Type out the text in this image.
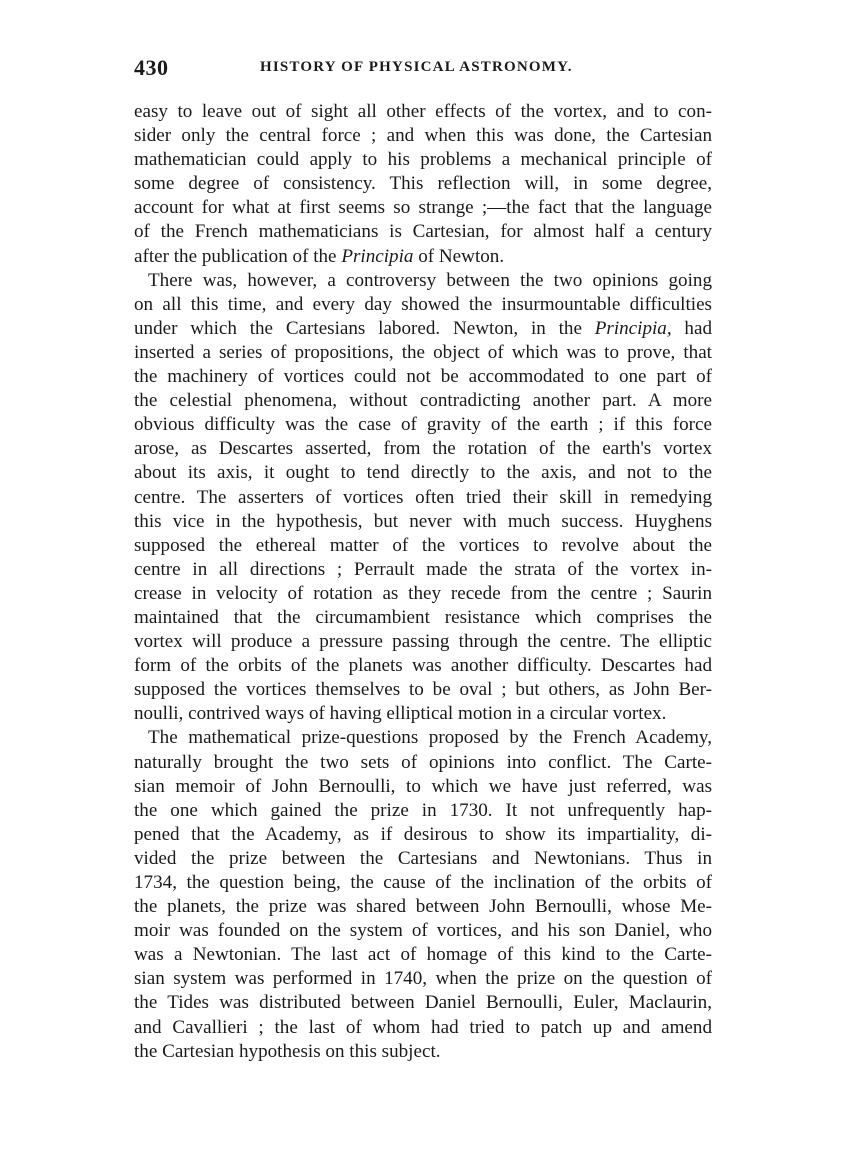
430	HISTORY OF PHYSICAL ASTRONOMY.
easy to leave out of sight all other effects of the vortex, and to con-
sider only the central force ; and when this was done, the Cartesian
mathematician could apply to his problems a mechanical principle of
some degree of consistency. This reflection will, in some degree,
account for what at first seems so strange ;—the fact that the language
of the French mathematicians is Cartesian, for almost half a century
after the publication of the Principia of Newton.
There was, however, a controversy between the two opinions going
on all this time, and every day showed the insurmountable difficulties
under which the Cartesians labored. Newton, in the Principia, had
inserted a series of propositions, the object of which was to prove, that
the machinery of vortices could not be accommodated to one part of
the celestial phenomena, without contradicting another part. A more
obvious difficulty was the case of gravity of the earth ; if this force
arose, as Descartes asserted, from the rotation of the earth's vortex
about its axis, it ought to tend directly to the axis, and not to the
centre. The asserters of vortices often tried their skill in remedying
this vice in the hypothesis, but never with much success. Huyghens
supposed the ethereal matter of the vortices to revolve about the
centre in all directions ; Perrault made the strata of the vortex in-
crease in velocity of rotation as they recede from the centre ; Saurin
maintained that the circumambient resistance which comprises the
vortex will produce a pressure passing through the centre. The elliptic
form of the orbits of the planets was another difficulty. Descartes had
supposed the vortices themselves to be oval ; but others, as John Ber-
noulli, contrived ways of having elliptical motion in a circular vortex.
The mathematical prize-questions proposed by the French Academy,
naturally brought the two sets of opinions into conflict. The Carte-
sian memoir of John Bernoulli, to which we have just referred, was
the one which gained the prize in 1730. It not unfrequently hap-
pened that the Academy, as if desirous to show its impartiality, di-
vided the prize between the Cartesians and Newtonians. Thus in
1734, the question being, the cause of the inclination of the orbits of
the planets, the prize was shared between John Bernoulli, whose Me-
moir was founded on the system of vortices, and his son Daniel, who
was a Newtonian. The last act of homage of this kind to the Carte-
sian system was performed in 1740, when the prize on the question of
the Tides was distributed between Daniel Bernoulli, Euler, Maclaurin,
and Cavallieri ; the last of whom had tried to patch up and amend
the Cartesian hypothesis on this subject.
